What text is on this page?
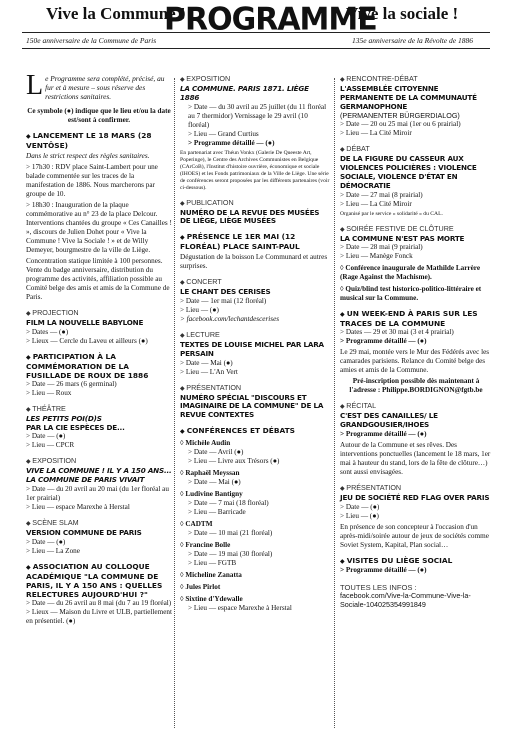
Vive la Commune !
PROGRAMME
Vive la sociale !
150e anniversaire de la Commune de Paris	135e anniversaire de la Révolte de 1886
Le Programme sera complété, précisé, au fur et à mesure – sous réserve des restrictions sanitaires.
Ce symbole (●) indique que le lieu et/ou la date est/sont à confirmer.
◆ LANCEMENT LE 18 MARS (28 VENTÔSE)
Dans le strict respect des règles sanitaires.
> 17h30 : RDV place Saint-Lambert pour une balade commentée sur les traces de la manifestation de 1886. Nous marcherons par groupe de 10.
> 18h30 : Inauguration de la plaque commémorative au n° 23 de la place Delcour. Interventions chantées du groupe « Ces Canailles ! », discours de Julien Dohet pour « Vive la Commune ! Vive la Sociale ! » et de Willy Demeyer, bourgmestre de la ville de Liège.
Concentration statique limitée à 100 personnes. Vente du badge anniversaire, distribution du programme des activités, affiliation possible au Comité belge des amis et amis de la Commune de Paris.
◆ PROJECTION
FILM LA NOUVELLE BABYLONE
> Dates — (●)
> Lieux — Cercle du Laveu et ailleurs (●)
◆ PARTICIPATION À LA COMMÉMORATION DE LA FUSILLADE DE ROUX DE 1886
> Date — 26 mars (6 germinal)
> Lieu — Roux
◆ THÉÂTRE
LES PETITS POI(D)S
PAR LA CIE ESPÈCES DE...
> Date — (●)
> Lieu — CPCR
◆ EXPOSITION
VIVE LA COMMUNE ! IL Y A 150 ANS... LA COMMUNE DE PARIS VIVAIT
> Date — du 20 avril au 20 mai (du 1er floréal au 1er prairial)
> Lieu — espace Marexhe à Herstal
◆ SCÈNE SLAM
VERSION COMMUNE DE PARIS
> Date — (●)
> Lieu — La Zone
◆ ASSOCIATION AU COLLOQUE ACADÉMIQUE "LA COMMUNE DE PARIS, IL Y A 150 ANS : QUELLES RELECTURES AUJOURD'HUI ?"
> Date — du 26 avril au 8 mai (du 7 au 19 floréal)
> Lieux — Maison du Livre et ULB, partiellement en présentiel. (●)
◆ EXPOSITION
LA COMMUNE. PARIS 1871. LIÈGE 1886
> Date — du 30 avril au 25 juillet (du 11 floréal au 7 thermidor) Vernissage le 29 avril (10 floréal)
> Lieu — Grand Curtius
> Programme détaillé — (●)
En partenariat avec Théun Vonkx (Galerie De Queeste Art, Poperinge), le Centre des Archives Communistes en Belgique (CArCoB), l'Institut d'histoire ouvrière, économique et sociale (IHOES) et les Fonds patrimoniaux de la Ville de Liège. Une série de conférences seront proposées par les différents partenaires (voir ci-dessous).
◆ PUBLICATION
NUMÉRO DE LA REVUE DES MUSÉES DE LIÈGE, LIÈGE MUSÉES
◆ PRÉSENCE LE 1ER MAI (12 FLORÉAL) PLACE SAINT-PAUL
Dégustation de la boisson Le Communard et autres surprises.
◆ CONCERT
LE CHANT DES CERISES
> Date — 1er mai (12 floréal)
> Lieu — (●)
> facebook.com/lechantdescerises
◆ LECTURE
TEXTES DE LOUISE MICHEL PAR LARA PERSAIN
> Date — Mai (●)
> Lieu — L'An Vert
◆ PRÉSENTATION
NUMÉRO SPÉCIAL "DISCOURS ET IMAGINAIRE DE LA COMMUNE" DE LA REVUE CONTEXTES
◆ CONFÉRENCES ET DÉBATS
◊ Michèle Audin
> Date — Avril (●)
> Lieu — Livre aux Trésors (●)
◊ Raphaël Meyssan
> Date — Mai (●)
◊ Ludivine Bantigny
> Date — 7 mai (18 floréal)
> Lieu — Barricade
◊ CADTM
> Date — 10 mai (21 floréal)
◊ Francine Bolle
> Date — 19 mai (30 floréal)
> Lieu — FGTB
◊ Micheline Zanatta
◊ Jules Pirlot
◊ Sixtine d'Ydewalle
> Lieu — espace Marexhe à Herstal
◆ RENCONTRE-DÉBAT
L'ASSEMBLÉE CITOYENNE PERMANENTE DE LA COMMUNAUTÉ GERMANOPHONE
(PERMANENTER BÜRGERDIALOG)
> Date — 20 ou 25 mai (1er ou 6 prairial)
> Lieu — La Cité Miroir
◆ DÉBAT
DE LA FIGURE DU CASSEUR AUX VIOLENCES POLICIÈRES : VIOLENCE SOCIALE, VIOLENCE D'ÉTAT EN DÉMOCRATIE
> Date — 27 mai (8 prairial)
> Lieu — La Cité Miroir
Organisé par le service « solidarité » du CAL.
◆ SOIRÉE FESTIVE DE CLÔTURE
LA COMMUNE N'EST PAS MORTE
> Date — 28 mai (9 prairial)
> Lieu — Manège Fonck
◊ Conférence inaugurale de Mathilde Larrère (Rage Against the Machisme).
◊ Quiz/blind test historico-politico-littéraire et musical sur la Commune.
◆ UN WEEK-END À PARIS SUR LES TRACES DE LA COMMUNE
> Dates — 29 et 30 mai (3 et 4 prairial)
> Programme détaillé — (●)
Le 29 mai, montée vers le Mur des Fédérés avec les camarades parisiens. Relance du Comité belge des amies et amis de la Commune.
Pré-inscription possible dès maintenant à l'adresse : Philippe.BORDIGNON@fgtb.be
◆ RÉCITAL
C'EST DES CANAILLES/ LE GRANDGOUSIER/IHOES
> Programme détaillé — (●)
Autour de la Commune et ses rêves. Des interventions ponctuelles (lancement le 18 mars, 1er mai à hauteur du stand, lors de la fête de clôture…) sont aussi envisagées.
◆ PRÉSENTATION
JEU DE SOCIÉTÉ RED FLAG OVER PARIS
> Date — (●)
> Lieu — (●)
En présence de son concepteur à l'occasion d'un après-midi/soirée autour de jeux de sociétés comme Soviet System, Kapital, Plan social…
◆ VISITES DU LIÈGE SOCIAL
> Programme détaillé — (●)
TOUTES LES INFOS :
facebook.com/Vive-la-Commune-Vive-la-Sociale-104025354991849
